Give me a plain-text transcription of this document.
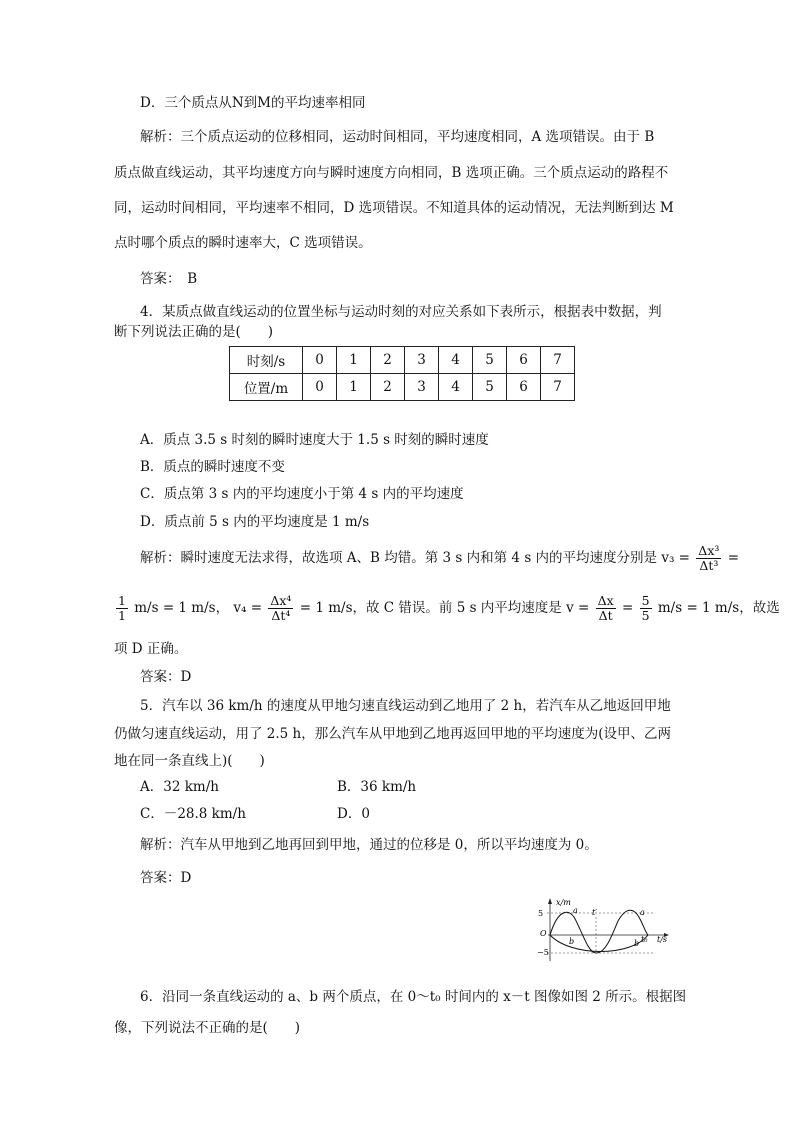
D．三个质点从N到M的平均速率相同
解析：三个质点运动的位移相同，运动时间相同，平均速度相同，A 选项错误。由于 B
质点做直线运动，其平均速度方向与瞬时速度方向相同，B 选项正确。三个质点运动的路程不
同，运动时间相同，平均速率不相同，D 选项错误。不知道具体的运动情况，无法判断到达 M
点时哪个质点的瞬时速率大，C 选项错误。
答案：　B
4．某质点做直线运动的位置坐标与运动时刻的对应关系如下表所示，根据表中数据，判
断下列说法正确的是(　　)
时刻/s	0	1	2	3	4	5	6	7
位置/m	0	1	2	3	4	5	6	7
A．质点 3.5 s 时刻的瞬时速度大于 1.5 s 时刻的瞬时速度
B．质点的瞬时速度不变
C．质点第 3 s 内的平均速度小于第 4 s 内的平均速度
D．质点前 5 s 内的平均速度是 1 m/s
解析：瞬时速度无法求得，故选项 A、B 均错。第 3 s 内和第 4 s 内的平均速度分别是 $v_3 = \frac{\text{Δx³}}{\text{Δt³}}$ =
$\frac{1}{1} m/s = 1$ m/s， $v_4 = \frac{\text{Δx⁴}}{\text{Δt⁴}} = 1$ m/s，故 C 错误。前 5 s 内平均速度是 $v = \frac{\Delta x}{\Delta t} = \frac{5}{5} m/s = 1$ m/s，故选
项 D 正确。
答案：D
5．汽车以 36 km/h 的速度从甲地匀速直线运动到乙地用了 2 h，若汽车从乙地返回甲地
仍做匀速直线运动，用了 2.5 h，那么汽车从甲地到乙地再返回甲地的平均速度为(设甲、乙两
地在同一条直线上)(　　)
A．32 km/h	B．36 km/h
C．－28.8 km/h	D．0
解析：汽车从甲地到乙地再回到甲地，通过的位移是 0，所以平均速度为 0。
答案：D
x/m
5
−5
O
t′
t₀ t/s
a	a
b	b
6．沿同一条直线运动的 a、b 两个质点，在 0～t₀ 时间内的 x－t 图像如图 2 所示。根据图
像，下列说法不正确的是(　　)
